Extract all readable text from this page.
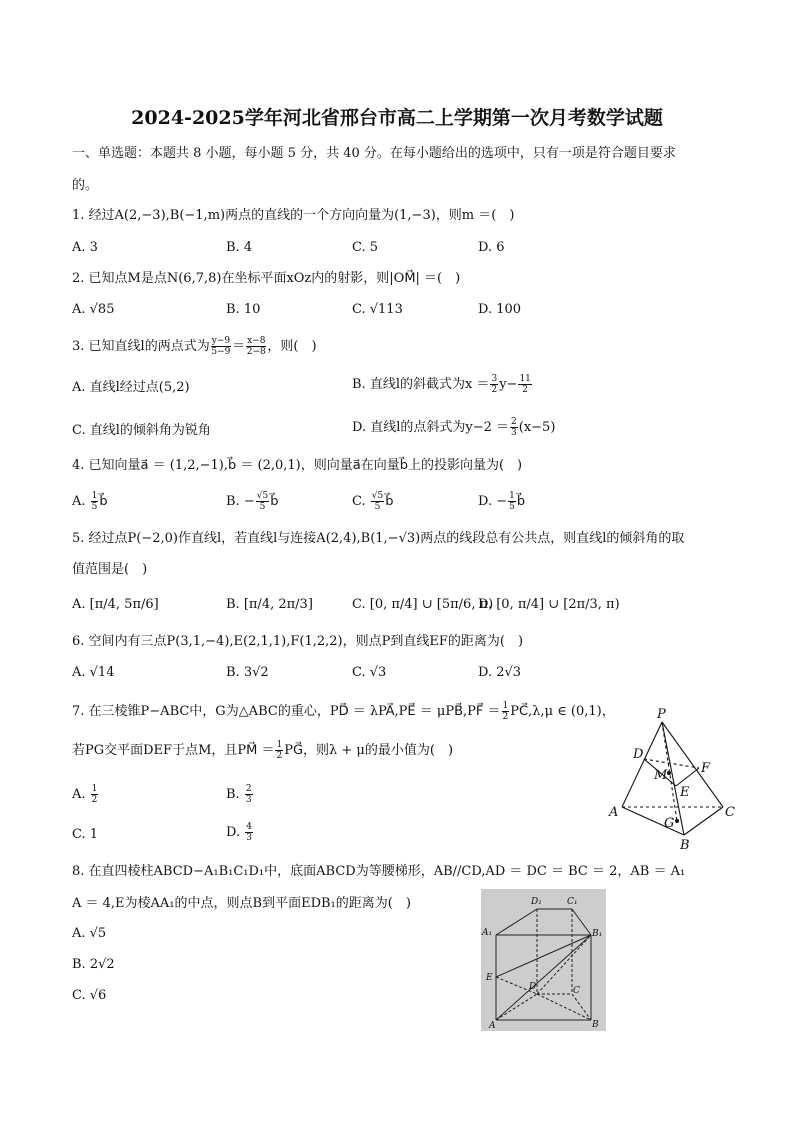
2024-2025学年河北省邢台市高二上学期第一次月考数学试题
一、单选题：本题共 8 小题，每小题 5 分，共 40 分。在每小题给出的选项中，只有一项是符合题目要求
的。
1. 经过A(2,−3),B(−1,m)两点的直线的一个方向向量为(1,−3)，则m ＝(　)
A. 3	B. 4	C. 5	D. 6
2. 已知点M是点N(6,7,8)在坐标平面xOz内的射影，则|OM⃗| ＝(　)
A. √85	B. 10	C. √113	D. 100
3. 已知直线l的两点式为 $\frac{y-9}{5-9} = \frac{x-8}{2-8}$ ，则(　)
A. 直线l经过点(5,2)	B. 直线l的斜截式为$x = \frac{3}{2} y- \frac{11}{2}$
C. 直线l的倾斜角为锐角	D. 直线l的点斜式为$y-2 = \frac{2}{3} (x-5)$
4. 已知向量a⃗ ＝ (1,2,−1),b⃗ ＝ (2,0,1)，则向量a⃗在向量b⃗上的投影向量为(　)
A. $\frac{1}{5}$ b⃗	B. − $\frac{√5}{5}$ b⃗	C. $\frac{√5}{5}$ b⃗	D. − $\frac{1}{5}$ b⃗
5. 经过点P(−2,0)作直线l，若直线l与连接A(2,4),B(1,−√3)两点的线段总有公共点，则直线l的倾斜角的取
值范围是(　)
A. [π/4, 5π/6]	B. [π/4, 2π/3]	C. [0, π/4] ∪ [5π/6, π)
D. [0, π/4] ∪ [2π/3, π)
6. 空间内有三点P(3,1,−4),E(2,1,1),F(1,2,2)，则点P到直线EF的距离为(　)
A. √14	B. 3√2	C. √3	D. 2√3
7. 在三棱锥P−ABC中，G为△ABC的重心，PD⃗ ＝ λPA⃗,PE⃗ ＝ μPB⃗,PF⃗ ＝ $\frac{1}{2}$ PC⃗,λ,μ ∈ (0,1)，
若PG交平面DEF于点M，且PM⃗ ＝ $\frac{1}{2}$ PG⃗，则λ + μ的最小值为(　)
A. $\frac{1}{2}$	B. $\frac{2}{3}$
C. 1	D. $\frac{4}{3}$
P
D
M	F
E
A	C
G
B
8. 在直四棱柱ABCD−A₁B₁C₁D₁中，底面ABCD为等腰梯形，AB//CD,AD ＝ DC ＝ BC ＝ 2，AB ＝ A₁
A ＝ 4,E为棱AA₁的中点，则点B到平面EDB₁的距离为(　)
A. √5
B. 2√2
C. √6
D₁	C₁
A₁	B₁
E
D	C
A	B
